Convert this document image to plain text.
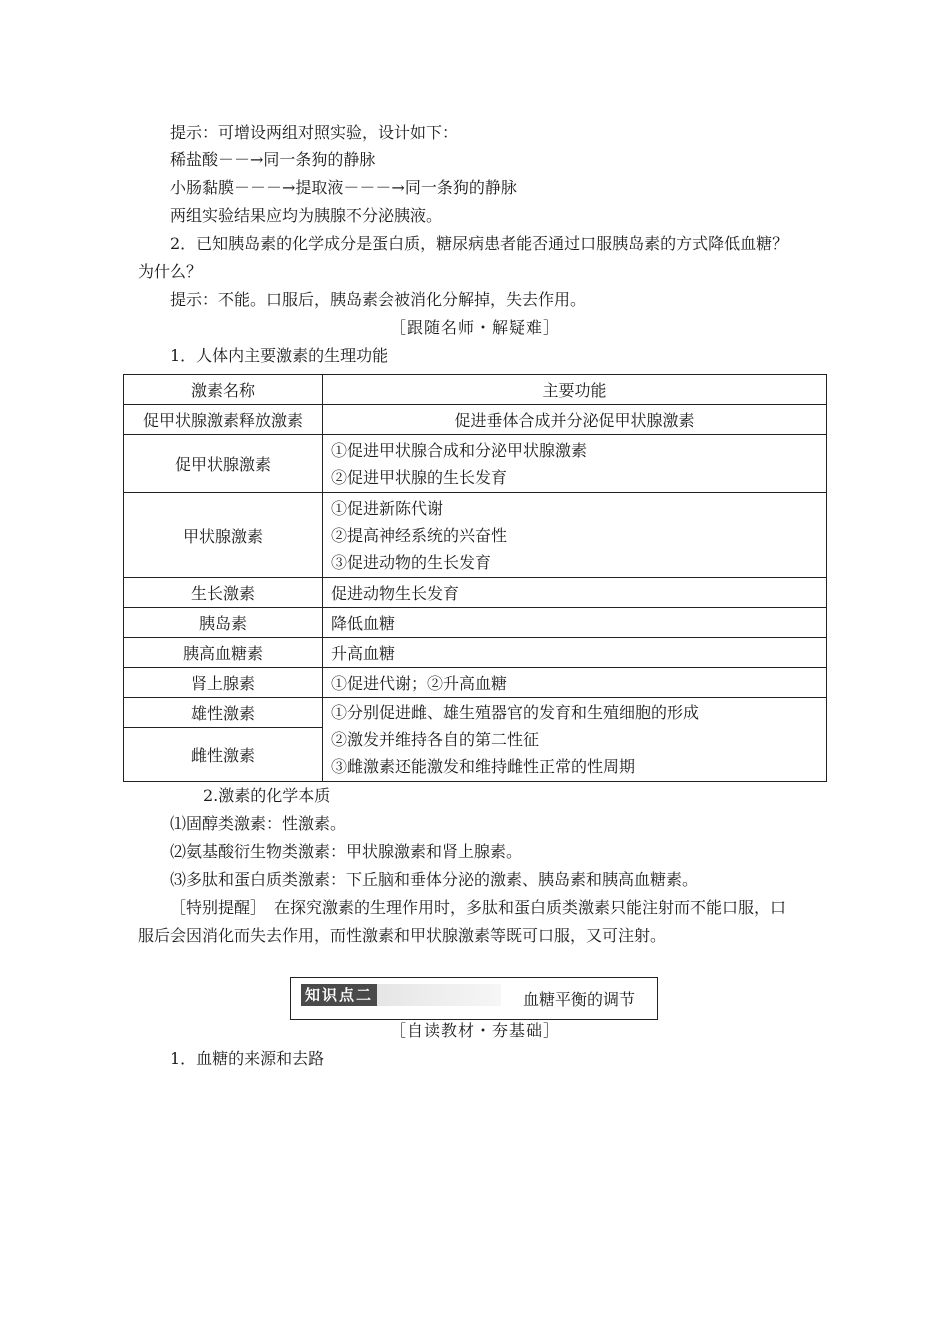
提示：可增设两组对照实验，设计如下：
稀盐酸－－→同一条狗的静脉
小肠黏膜－－－→提取液－－－→同一条狗的静脉
两组实验结果应均为胰腺不分泌胰液。
2．已知胰岛素的化学成分是蛋白质，糖尿病患者能否通过口服胰岛素的方式降低血糖？
为什么？
提示：不能。口服后，胰岛素会被消化分解掉，失去作用。
［跟随名师・解疑难］
1．人体内主要激素的生理功能
激素名称	主要功能
促甲状腺激素释放激素	促进垂体合成并分泌促甲状腺激素
促甲状腺激素	①促进甲状腺合成和分泌甲状腺激素
②促进甲状腺的生长发育

甲状腺激素	①促进新陈代谢
②提高神经系统的兴奋性
③促进动物的生长发育

生长激素	促进动物生长发育
胰岛素	降低血糖
胰高血糖素	升高血糖
肾上腺素	①促进代谢；②升高血糖
雄性激素	①分别促进雌、雄生殖器官的发育和生殖细胞的形成
②激发并维持各自的第二性征
③雌激素还能激发和维持雌性正常的性周期

雌性激素	
2.激素的化学本质
⑴固醇类激素：性激素。
⑵氨基酸衍生物类激素：甲状腺激素和肾上腺素。
⑶多肽和蛋白质类激素：下丘脑和垂体分泌的激素、胰岛素和胰高血糖素。
［特别提醒］　在探究激素的生理作用时，多肽和蛋白质类激素只能注射而不能口服，口
服后会因消化而失去作用，而性激素和甲状腺激素等既可口服，又可注射。
知识点二	血糖平衡的调节
［自读教材・夯基础］
1．血糖的来源和去路
